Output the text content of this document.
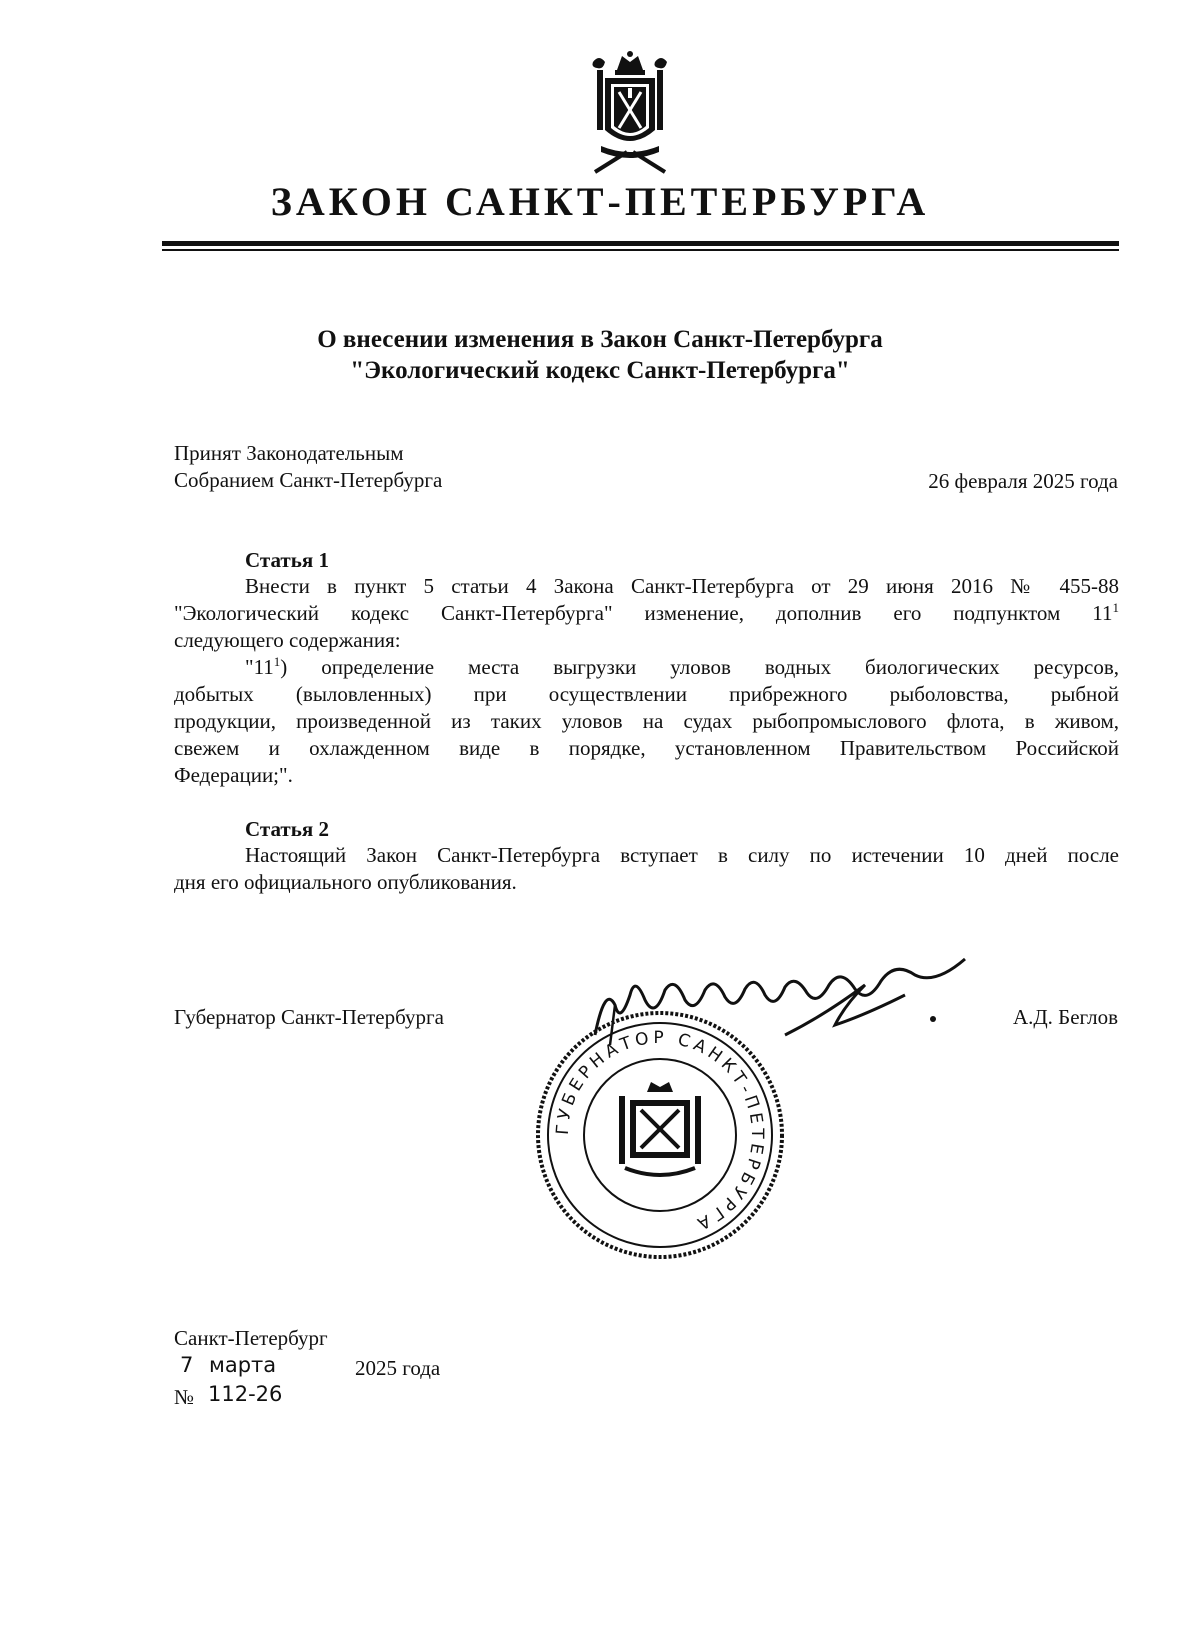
ЗАКОН САНКТ-ПЕТЕРБУРГА
О внесении изменения в Закон Санкт-Петербурга
"Экологический кодекс Санкт-Петербурга"
Принят Законодательным
Собранием Санкт-Петербурга	26 февраля 2025 года
Статья 1

Внести в пункт 5 статьи 4 Закона Санкт-Петербурга от 29 июня 2016 № 455-88

"Экологический кодекс Санкт-Петербурга" изменение, дополнив его подпунктом $11^1$

следующего содержания:

"$11^1$) определение места выгрузки уловов водных биологических ресурсов,

добытых (выловленных) при осуществлении прибрежного рыболовства, рыбной

продукции, произведенной из таких уловов на судах рыбопромыслового флота, в живом,

свежем и охлажденном виде в порядке, установленном Правительством Российской

Федерации;".

Статья 2

Настоящий Закон Санкт-Петербурга вступает в силу по истечении 10 дней после

дня его официального опубликования.

Губернатор Санкт-Петербурга	А.Д. Беглов
ГУБЕРНАТОР САНКТ-ПЕТЕРБУРГА
Санкт-Петербург
7 марта	2025 года
№ 112-26
